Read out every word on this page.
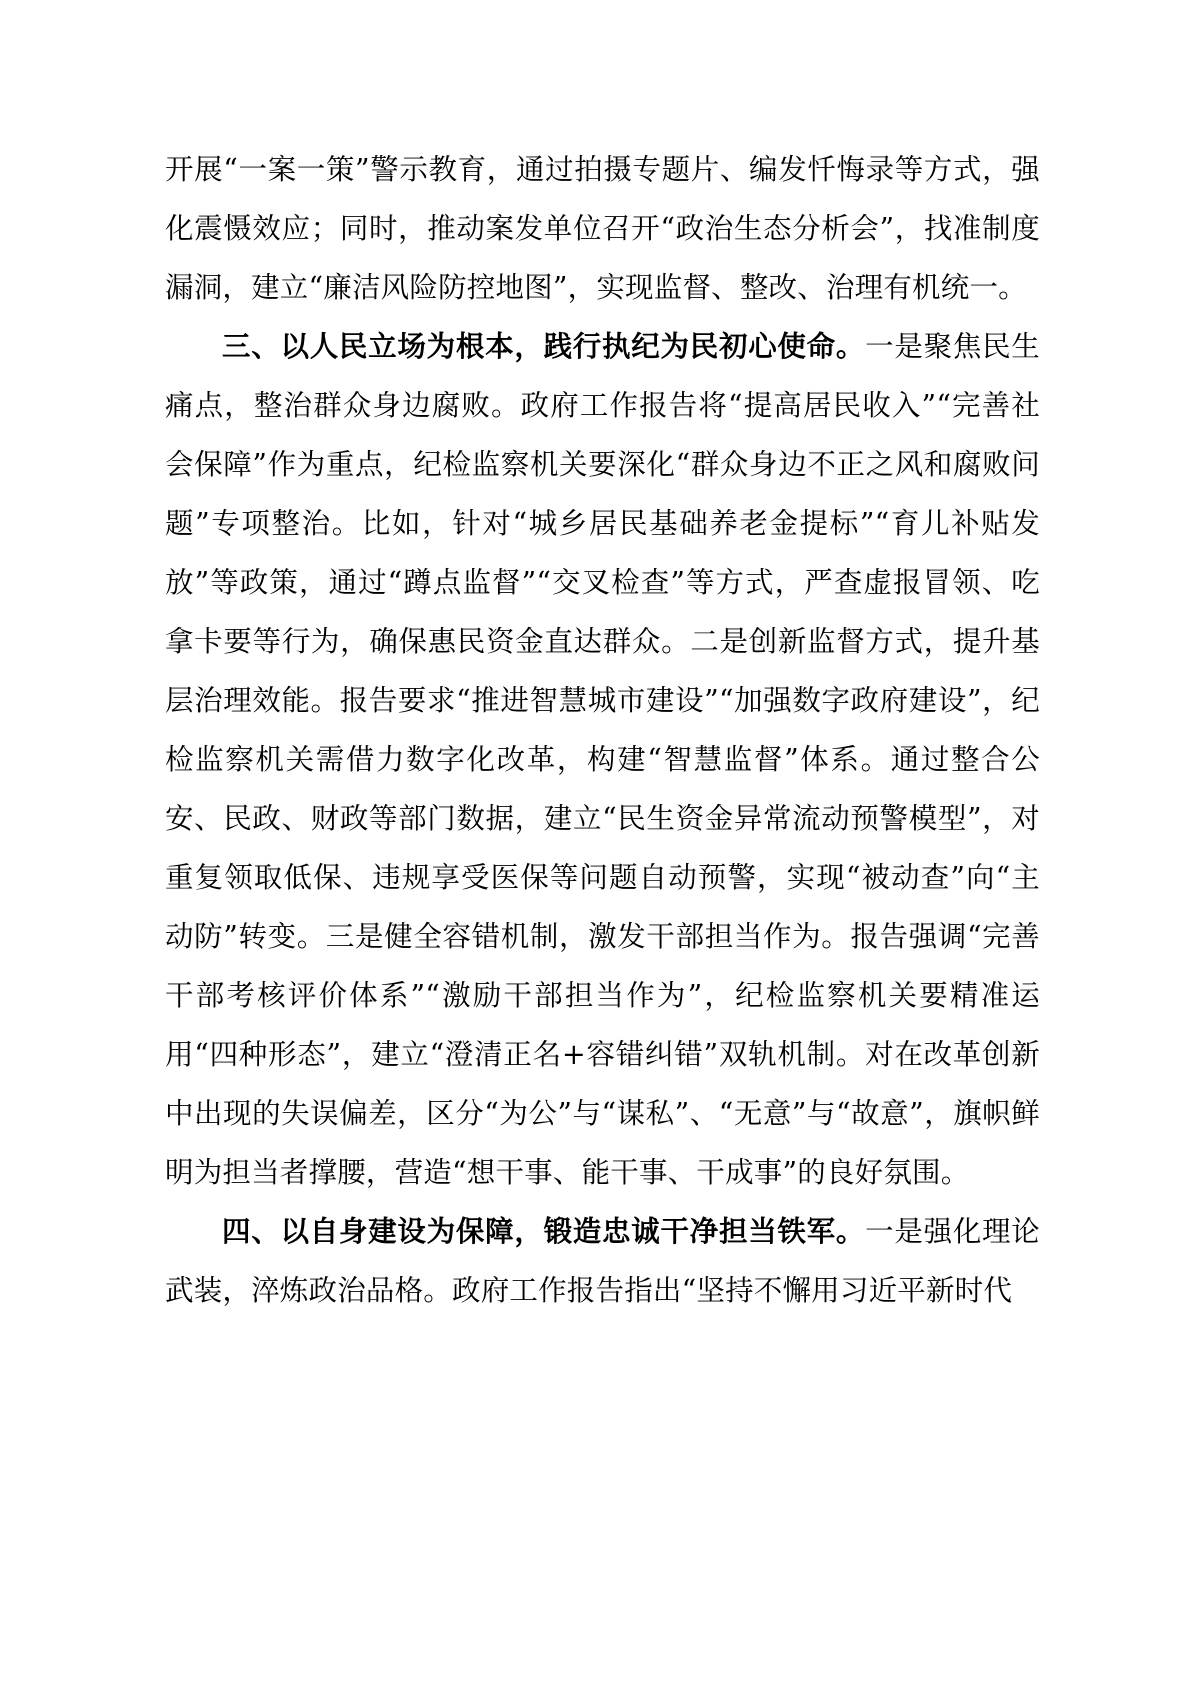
开展“一案一策”警示教育，通过拍摄专题片、编发忏悔录等方式，强化震慑效应；同时，推动案发单位召开“政治生态分析会”，找准制度漏洞，建立“廉洁风险防控地图”，实现监督、整改、治理有机统一。

三、以人民立场为根本，践行执纪为民初心使命。一是聚焦民生痛点，整治群众身边腐败。政府工作报告将“提高居民收入”“完善社会保障”作为重点，纪检监察机关要深化“群众身边不正之风和腐败问题”专项整治。比如，针对“城乡居民基础养老金提标”“育儿补贴发放”等政策，通过“蹲点监督”“交叉检查”等方式，严查虚报冒领、吃拿卡要等行为，确保惠民资金直达群众。二是创新监督方式，提升基层治理效能。报告要求“推进智慧城市建设”“加强数字政府建设”，纪检监察机关需借力数字化改革，构建“智慧监督”体系。通过整合公安、民政、财政等部门数据，建立“民生资金异常流动预警模型”，对重复领取低保、违规享受医保等问题自动预警，实现“被动查”向“主动防”转变。三是健全容错机制，激发干部担当作为。报告强调“完善干部考核评价体系”“激励干部担当作为”，纪检监察机关要精准运用“四种形态”，建立“澄清正名+容错纠错”双轨机制。对在改革创新中出现的失误偏差，区分“为公”与“谋私”、“无意”与“故意”，旗帜鲜明为担当者撑腰，营造“想干事、能干事、干成事”的良好氛围。

四、以自身建设为保障，锻造忠诚干净担当铁军。一是强化理论武装，淬炼政治品格。政府工作报告指出“坚持不懈用习近平新时代
